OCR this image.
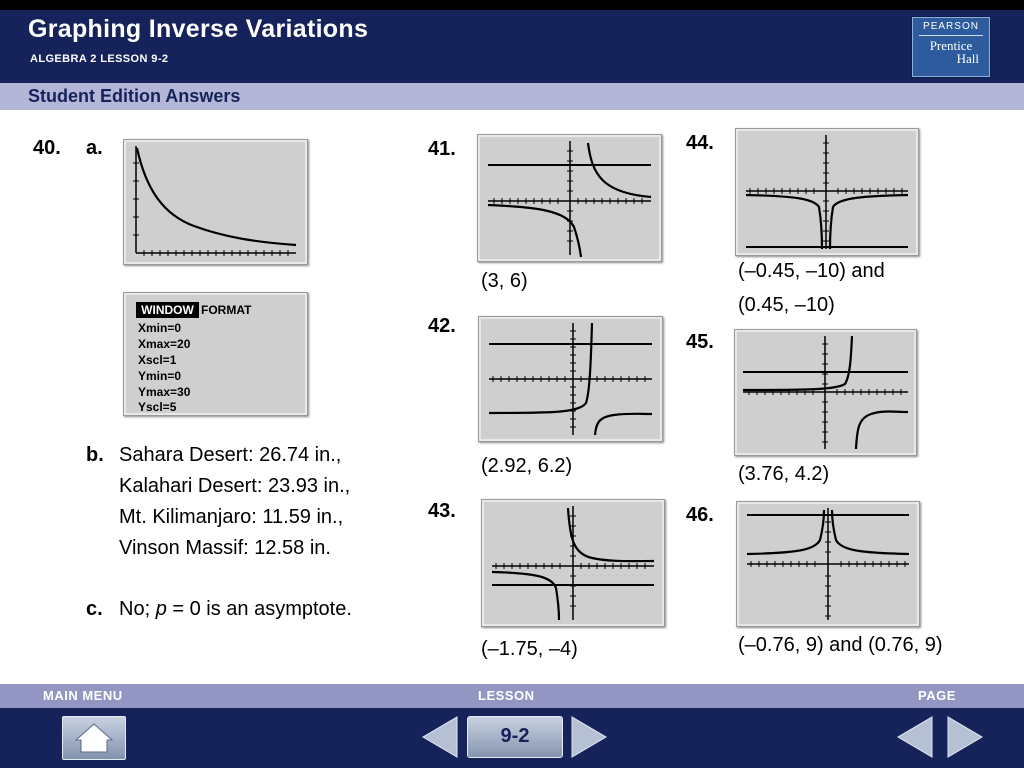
Graphing Inverse Variations
ALGEBRA 2 LESSON 9-2
PEARSON
Prentice
Hall
Student Edition Answers
40. a.
WINDOW FORMAT
Xmin=0
Xmax=20
Xscl=1
Ymin=0
Ymax=30
Yscl=5
b. Sahara Desert: 26.74 in.,
Kalahari Desert: 23.93 in.,
Mt. Kilimanjaro: 11.59 in.,
Vinson Massif: 12.58 in.
c. No; p = 0 is an asymptote.
41.
(3, 6)
42.
(2.92, 6.2)
43.
(–1.75, –4)
44.
(–0.45, –10) and
(0.45, –10)
45.
(3.76, 4.2)
46.
(–0.76, 9) and (0.76, 9)
MAIN MENU	LESSON	PAGE
9-2
